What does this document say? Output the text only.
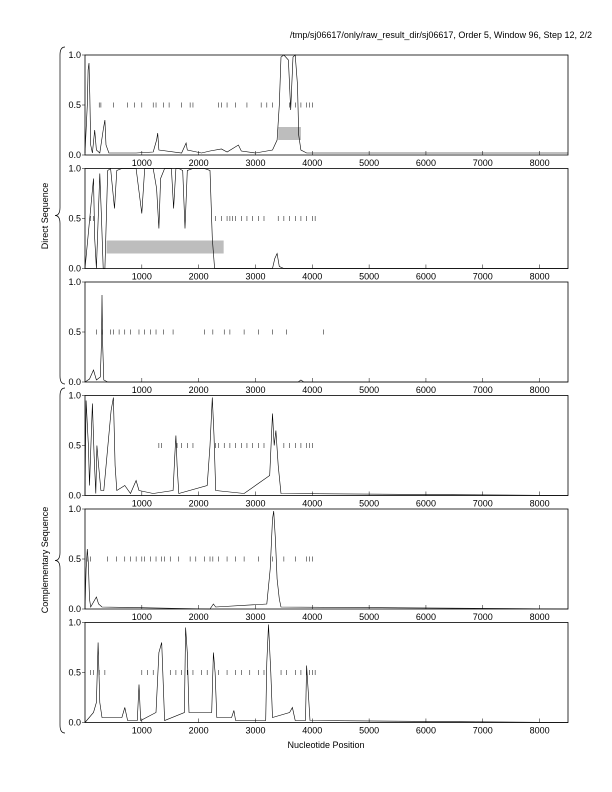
/tmp/sj06617/only/raw_result_dir/sj06617, Order 5, Window 96, Step 12, 2/2
0.0
0.5
1.0
1000	2000	3000	4000	5000	6000	7000	8000
0.0
0.5
1.0
1000	2000	3000	4000	5000	6000	7000	8000
0.0
0.5
1.0
1000	2000	3000	4000	5000	6000	7000	8000
0.0
0.5
1.0
1000	2000	3000	4000	5000	6000	7000	8000
0.0
0.5
1.0
1000	2000	3000	4000	5000	6000	7000	8000
0.0
0.5
1.0
1000	2000	3000	4000	5000	6000	7000	8000
Direct Sequence
Complementary Sequence
Nucleotide Position
